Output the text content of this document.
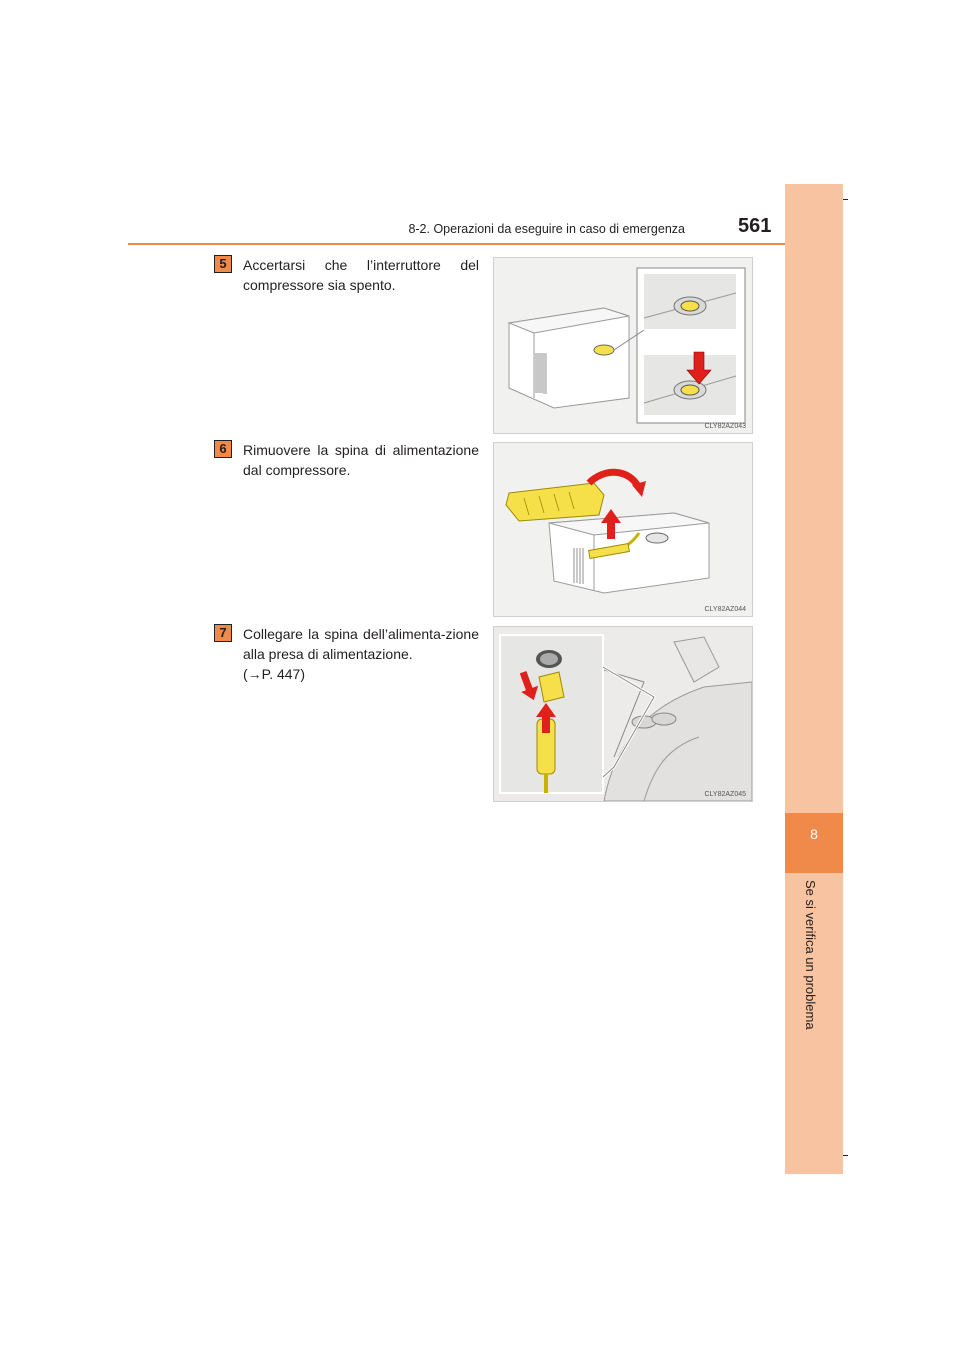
8
Se si verifica un problema
8-2. Operazioni da eseguire in caso di emergenza	561
5	Accertarsi che l’interruttore del compressore sia spento.
CLY82AZ043
6	Rimuovere la spina di alimentazione dal compressore.
CLY82AZ044
7	Collegare la spina dell’alimenta-zione alla presa di alimentazione.
(→P. 447)
CLY82AZ045
